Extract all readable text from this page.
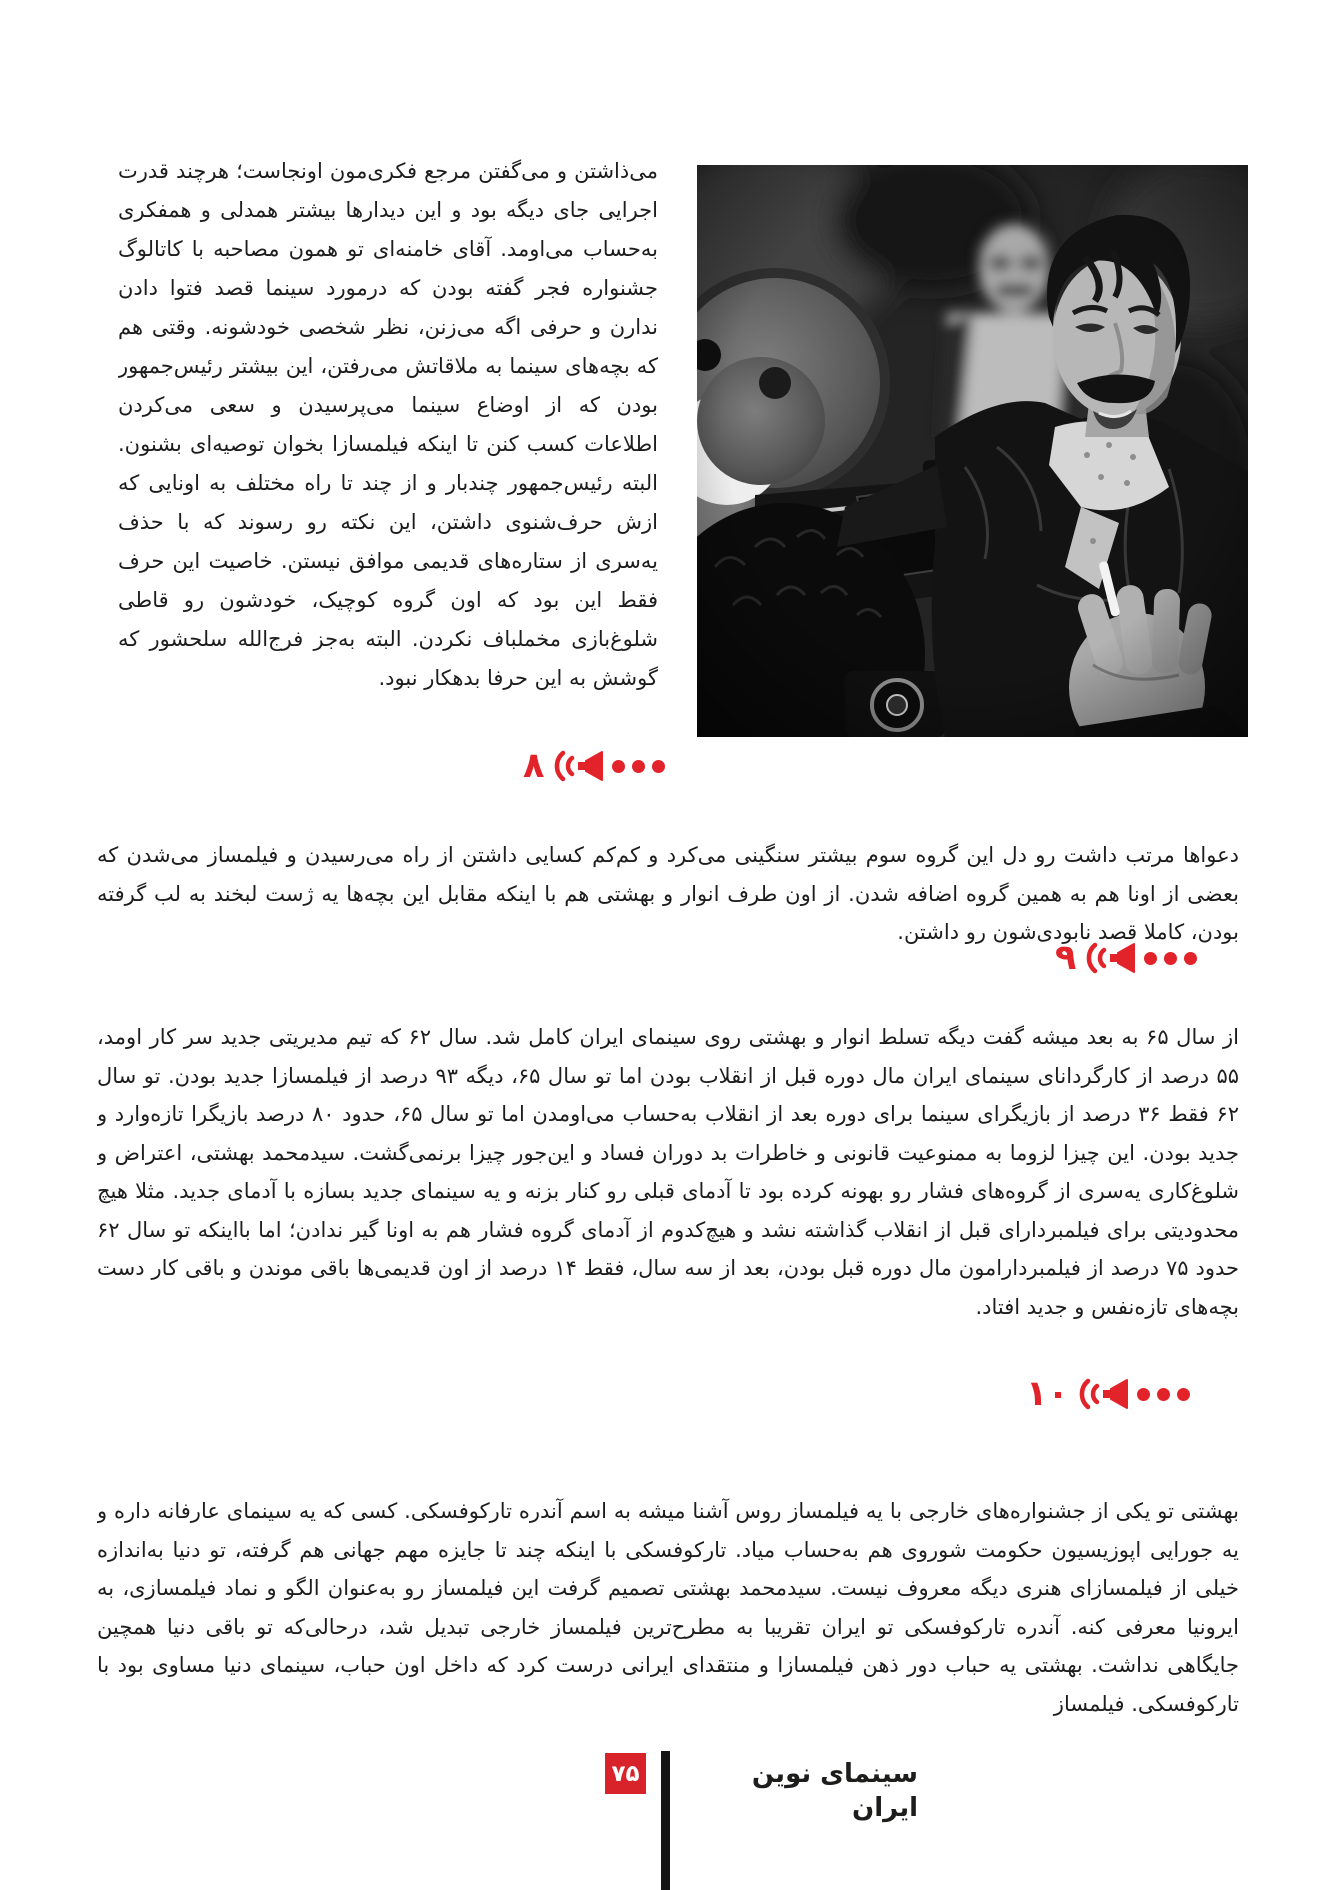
می‌ذاشتن و می‌گفتن مرجع فکری‌مون اونجاست؛ هرچند قدرت اجرایی جای دیگه بود و این دیدارها بیشتر همدلی و همفکری به‌حساب می‌اومد. آقای خامنه‌ای تو همون مصاحبه با کاتالوگ جشنواره فجر گفته بودن که درمورد سینما قصد فتوا دادن ندارن و حرفی اگه می‌زنن، نظر شخصی خودشونه. وقتی هم که بچه‌های سینما به ملاقاتش می‌رفتن، این بیشتر رئیس‌جمهور بودن که از اوضاع سینما می‌پرسیدن و سعی می‌کردن اطلاعات کسب کنن تا اینکه فیلمسازا بخوان توصیه‌ای بشنون. البته رئیس‌جمهور چندبار و از چند تا راه مختلف به اونایی که ازش حرف‌شنوی داشتن، این نکته رو رسوند که با حذف یه‌سری از ستاره‌های قدیمی موافق نیستن. خاصیت این حرف فقط این بود که اون گروه کوچیک، خودشون رو قاطی شلوغ‌بازی مخملباف نکردن. البته به‌جز فرج‌الله سلحشور که گوشش به این حرفا بدهکار نبود.
۸
دعواها مرتب داشت رو دل این گروه سوم بیشتر سنگینی می‌کرد و کم‌کم کسایی داشتن از راه می‌رسیدن و فیلمساز می‌شدن که بعضی از اونا هم به همین گروه اضافه شدن. از اون طرف انوار و بهشتی هم با اینکه مقابل این بچه‌ها یه ژست لبخند به لب گرفته بودن، کاملا قصد نابودی‌شون رو داشتن.
۹
از سال ۶۵ به بعد میشه گفت دیگه تسلط انوار و بهشتی روی سینمای ایران کامل شد. سال ۶۲ که تیم مدیریتی جدید سر کار اومد، ۵۵ درصد از کارگردانای سینمای ایران مال دوره قبل از انقلاب بودن اما تو سال ۶۵، دیگه ۹۳ درصد از فیلمسازا جدید بودن. تو سال ۶۲ فقط ۳۶ درصد از بازیگرای سینما برای دوره بعد از انقلاب به‌حساب می‌اومدن اما تو سال ۶۵، حدود ۸۰ درصد بازیگرا تازه‌وارد و جدید بودن. این چیزا لزوما به ممنوعیت قانونی و خاطرات بد دوران فساد و این‌جور چیزا برنمی‌گشت. سیدمحمد بهشتی، اعتراض و شلوغ‌کاری یه‌سری از گروه‌های فشار رو بهونه کرده بود تا آدمای قبلی رو کنار بزنه و یه سینمای جدید بسازه با آدمای جدید. مثلا هیچ محدودیتی برای فیلمبردارای قبل از انقلاب گذاشته نشد و هیچ‌کدوم از آدمای گروه فشار هم به اونا گیر ندادن؛ اما بااینکه تو سال ۶۲ حدود ۷۵ درصد از فیلمبردارامون مال دوره قبل بودن، بعد از سه سال، فقط ۱۴ درصد از اون قدیمی‌ها باقی موندن و باقی کار دست بچه‌های تازه‌نفس و جدید افتاد.
۱۰
بهشتی تو یکی از جشنواره‌های خارجی با یه فیلمساز روس آشنا میشه به اسم آندره تارکوفسکی. کسی که یه سینمای عارفانه داره و یه جورایی اپوزیسیون حکومت شوروی هم به‌حساب میاد. تارکوفسکی با اینکه چند تا جایزه مهم جهانی هم گرفته، تو دنیا به‌اندازه خیلی از فیلمسازای هنری دیگه معروف نیست. سیدمحمد بهشتی تصمیم گرفت این فیلمساز رو به‌عنوان الگو و نماد فیلمسازی، به ایرونیا معرفی کنه. آندره تارکوفسکی تو ایران تقریبا به مطرح‌ترین فیلمساز خارجی تبدیل شد، درحالی‌که تو باقی دنیا همچین جایگاهی نداشت. بهشتی یه حباب دور ذهن فیلمسازا و منتقدای ایرانی درست کرد که داخل اون حباب، سینمای دنیا مساوی بود با تارکوفسکی. فیلمساز
۷۵	سینمای نوین ایران
